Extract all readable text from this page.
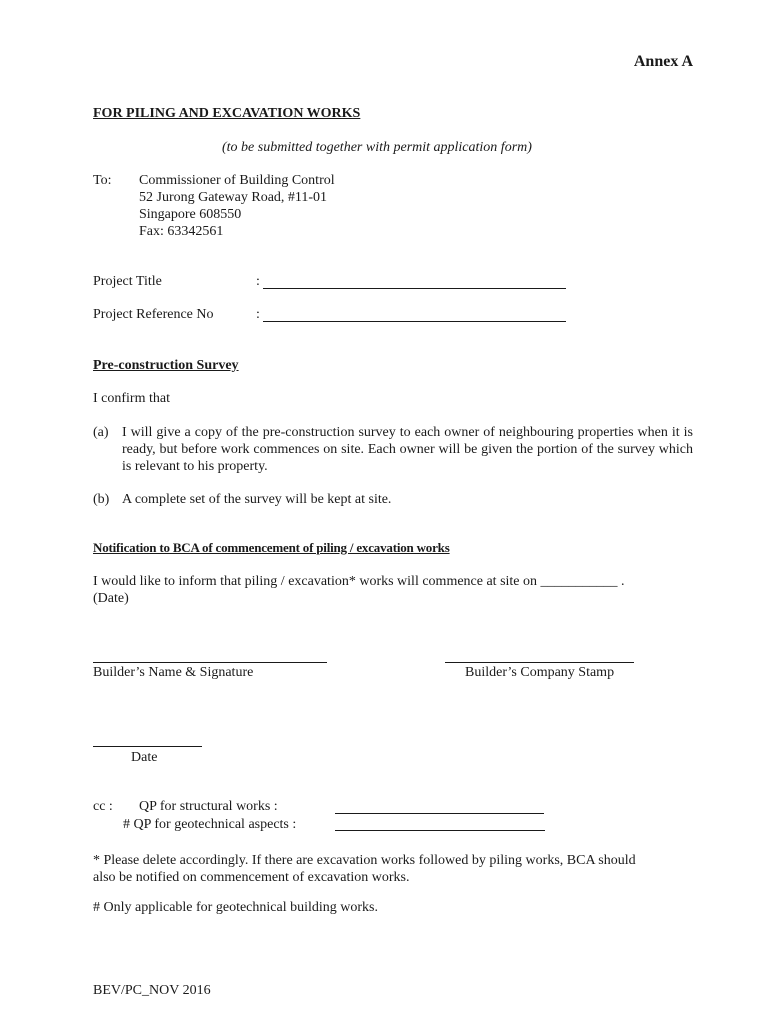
Annex A
FOR PILING AND EXCAVATION WORKS
(to be submitted together with permit application form)
To: Commissioner of Building Control
52 Jurong Gateway Road, #11-01
Singapore 608550
Fax: 63342561
Project Title	:
Project Reference No	:
Pre-construction Survey
I confirm that
(a) I will give a copy of the pre-construction survey to each owner of neighbouring properties when it is ready, but before work commences on site. Each owner will be given the portion of the survey which is relevant to his property.
(b) A complete set of the survey will be kept at site.
Notification to BCA of commencement of piling / excavation works
I would like to inform that piling / excavation* works will commence at site on ___________ .
(Date)
Builder’s Name & Signature	Builder’s Company Stamp
Date
cc : QP for structural works :
# QP for geotechnical aspects :
* Please delete accordingly. If there are excavation works followed by piling works, BCA should also be notified on commencement of excavation works.
# Only applicable for geotechnical building works.
BEV/PC_NOV 2016
